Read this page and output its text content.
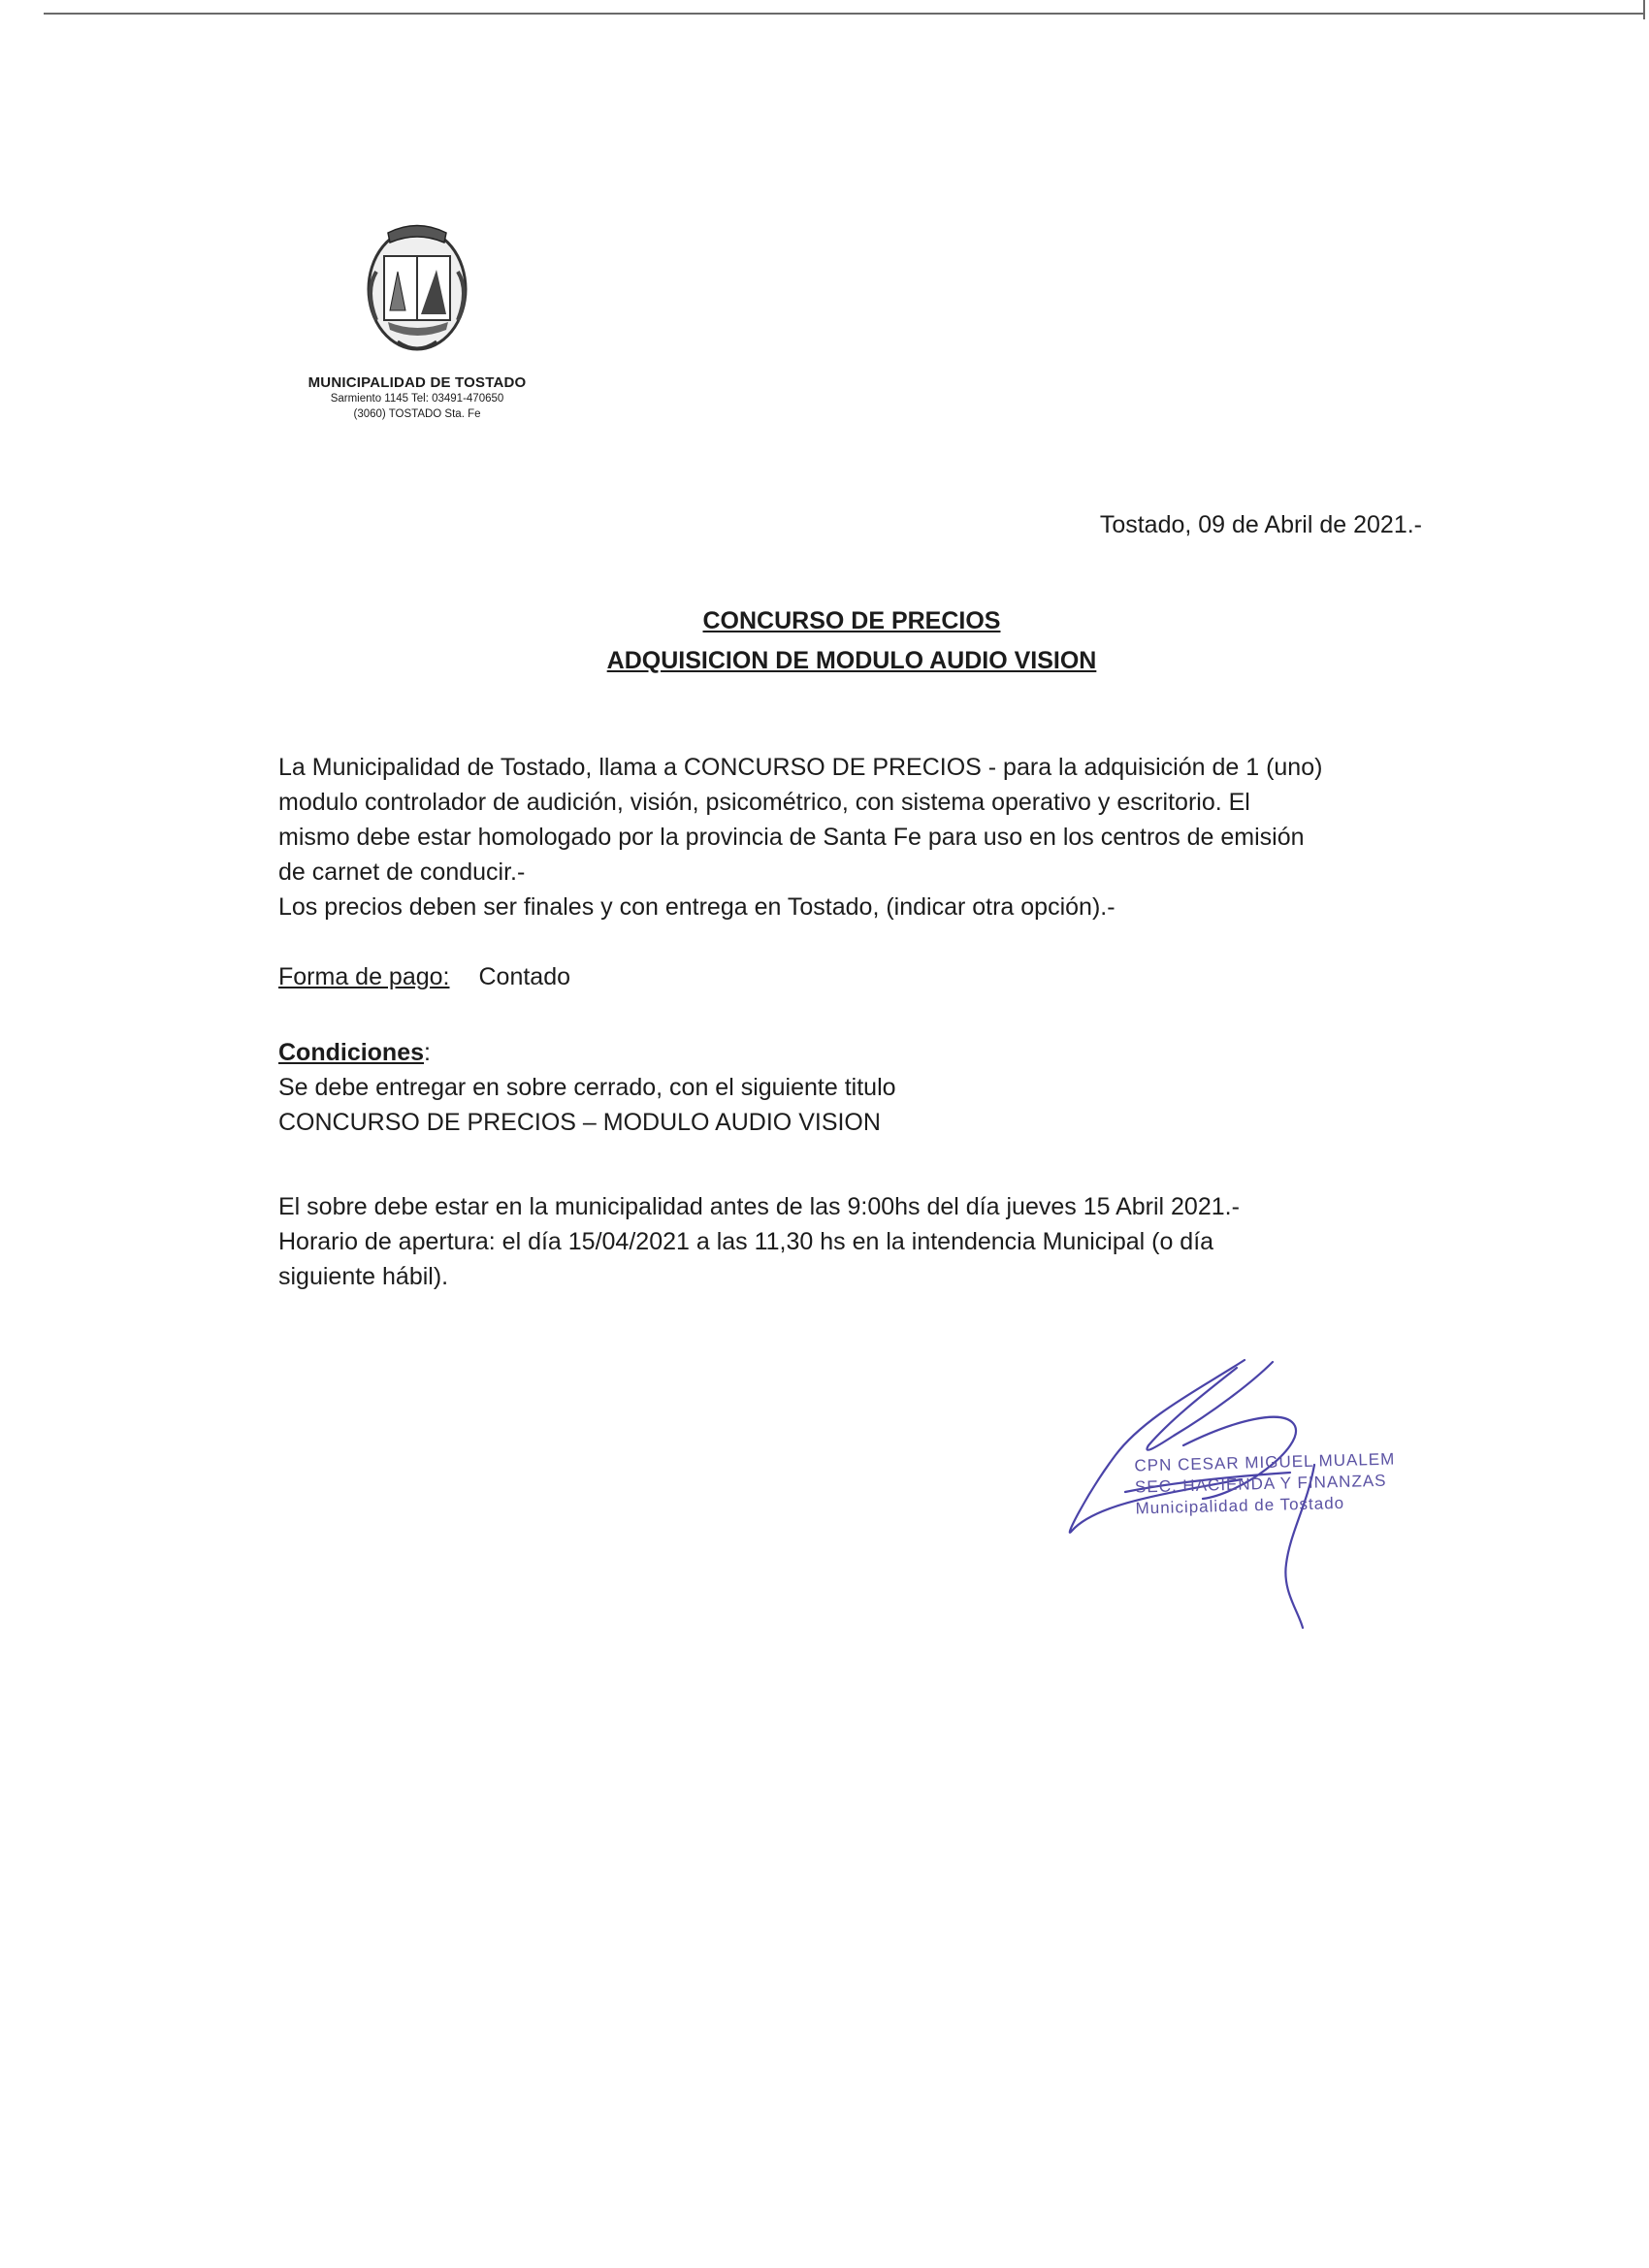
MUNICIPALIDAD DE TOSTADO
Sarmiento 1145 Tel: 03491-470650
(3060) TOSTADO Sta. Fe
Tostado, 09 de Abril de 2021.-
CONCURSO DE PRECIOS
ADQUISICION DE MODULO AUDIO VISION
La Municipalidad de Tostado, llama a CONCURSO DE PRECIOS - para la adquisición de 1 (uno)
modulo controlador de audición, visión, psicométrico, con sistema operativo y escritorio. El
mismo debe estar homologado por la provincia de Santa Fe para uso en los centros de emisión
de carnet de conducir.-
Los precios deben ser finales y con entrega en Tostado, (indicar otra opción).-
Forma de pago: Contado
Condiciones:
Se debe entregar en sobre cerrado, con el siguiente titulo
CONCURSO DE PRECIOS – MODULO AUDIO VISION
El sobre debe estar en la municipalidad antes de las 9:00hs del día jueves 15 Abril 2021.-
Horario de apertura: el día 15/04/2021 a las 11,30 hs en la intendencia Municipal (o día
siguiente hábil).
CPN CESAR MIGUEL MUALEM
SEC. HACIENDA Y FINANZAS
Municipalidad de Tostado
